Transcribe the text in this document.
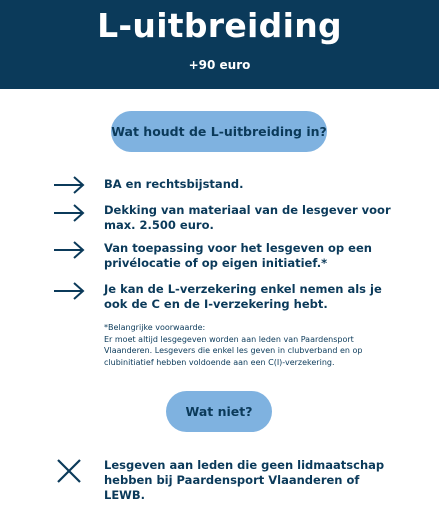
L-uitbreiding
+90 euro
Wat houdt de L-uitbreiding in?
BA en rechtsbijstand.
Dekking van materiaal van de lesgever voor max. 2.500 euro.
Van toepassing voor het lesgeven op een privélocatie of op eigen initiatief.*
Je kan de L-verzekering enkel nemen als je ook de C en de I-verzekering hebt.
*Belangrijke voorwaarde:
Er moet altijd lesgegeven worden aan leden van Paardensport Vlaanderen. Lesgevers die enkel les geven in clubverband en op clubinitiatief hebben voldoende aan een C(I)-verzekering.
Wat niet?
Lesgeven aan leden die geen lidmaatschap hebben bij Paardensport Vlaanderen of LEWB.
